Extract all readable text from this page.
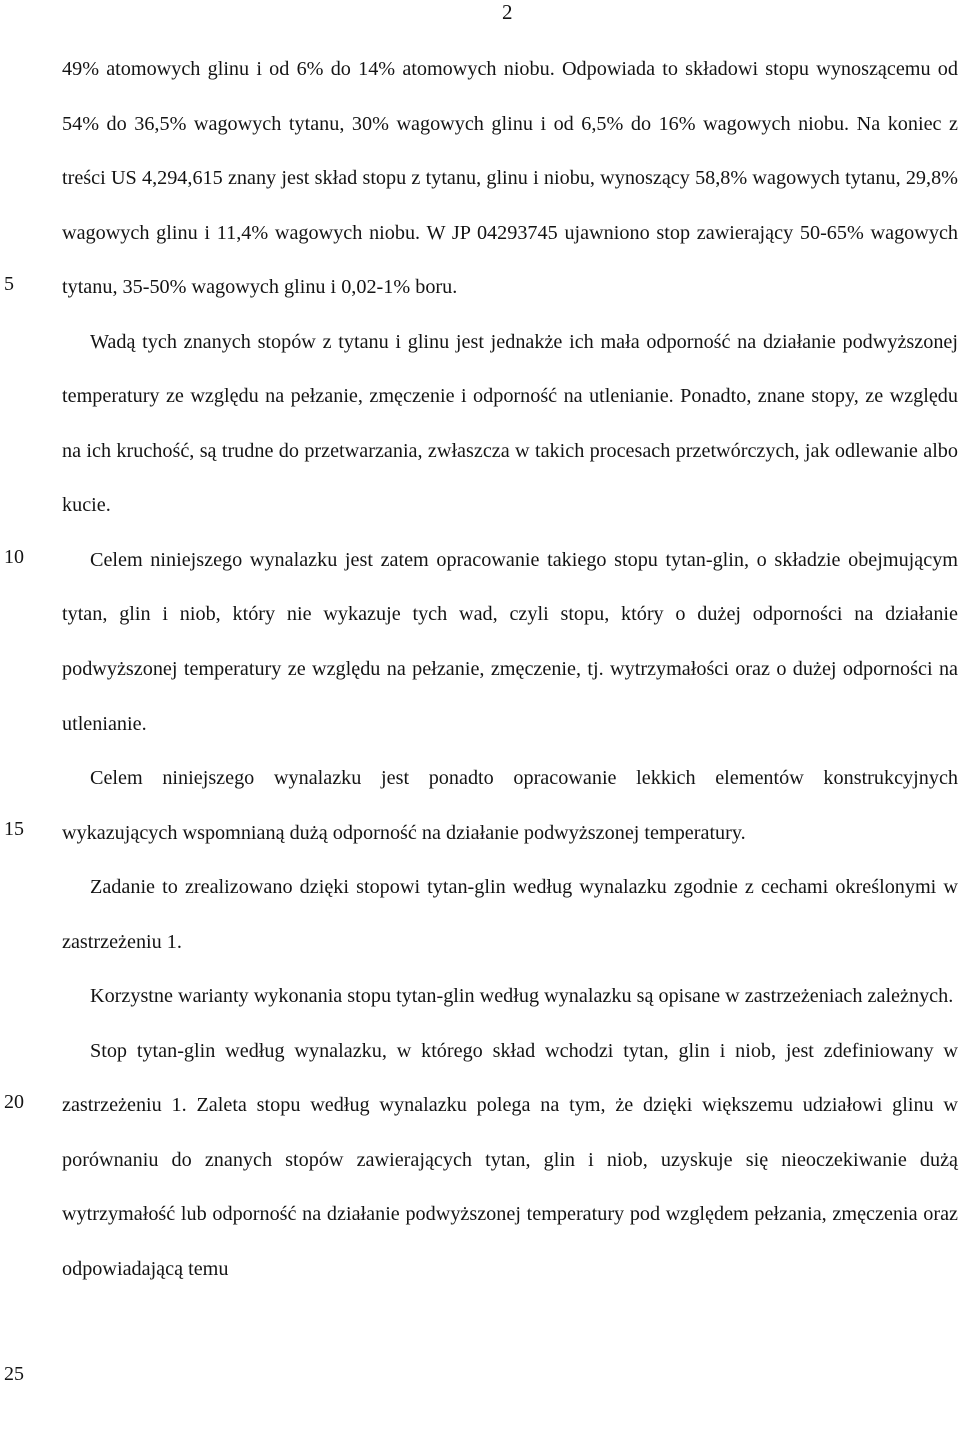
2
5
10
15
20
25

49% atomowych glinu i od 6% do 14% atomowych niobu. Odpowiada to składowi stopu wynoszącemu od 54% do 36,5% wagowych tytanu, 30% wagowych glinu i od 6,5% do 16% wagowych niobu. Na koniec z treści US 4,294,615 znany jest skład stopu z tytanu, glinu i niobu, wynoszący 58,8% wagowych tytanu, 29,8% wagowych glinu i 11,4% wagowych niobu. W JP 04293745 ujawniono stop zawierający 50-65% wagowych tytanu, 35-50% wagowych glinu i 0,02-1% boru.

Wadą tych znanych stopów z tytanu i glinu jest jednakże ich mała odporność na działanie podwyższonej temperatury ze względu na pełzanie, zmęczenie i odporność na utlenianie. Ponadto, znane stopy, ze względu na ich kruchość, są trudne do przetwarzania, zwłaszcza w takich procesach przetwórczych, jak odlewanie albo kucie.

Celem niniejszego wynalazku jest zatem opracowanie takiego stopu tytan-glin, o składzie obejmującym tytan, glin i niob, który nie wykazuje tych wad, czyli stopu, który o dużej odporności na działanie podwyższonej temperatury ze względu na pełzanie, zmęczenie, tj. wytrzymałości oraz o dużej odporności na utlenianie.

Celem niniejszego wynalazku jest ponadto opracowanie lekkich elementów konstrukcyjnych wykazujących wspomnianą dużą odporność na działanie podwyższonej temperatury.

Zadanie to zrealizowano dzięki stopowi tytan-glin według wynalazku zgodnie z cechami określonymi w zastrzeżeniu 1.

Korzystne warianty wykonania stopu tytan-glin według wynalazku są opisane w zastrzeżeniach zależnych.

Stop tytan-glin według wynalazku, w którego skład wchodzi tytan, glin i niob, jest zdefiniowany w zastrzeżeniu 1. Zaleta stopu według wynalazku polega na tym, że dzięki większemu udziałowi glinu w porównaniu do znanych stopów zawierających tytan, glin i niob, uzyskuje się nieoczekiwanie dużą wytrzymałość lub odporność na działanie podwyższonej temperatury pod względem pełzania, zmęczenia oraz odpowiadającą temu
